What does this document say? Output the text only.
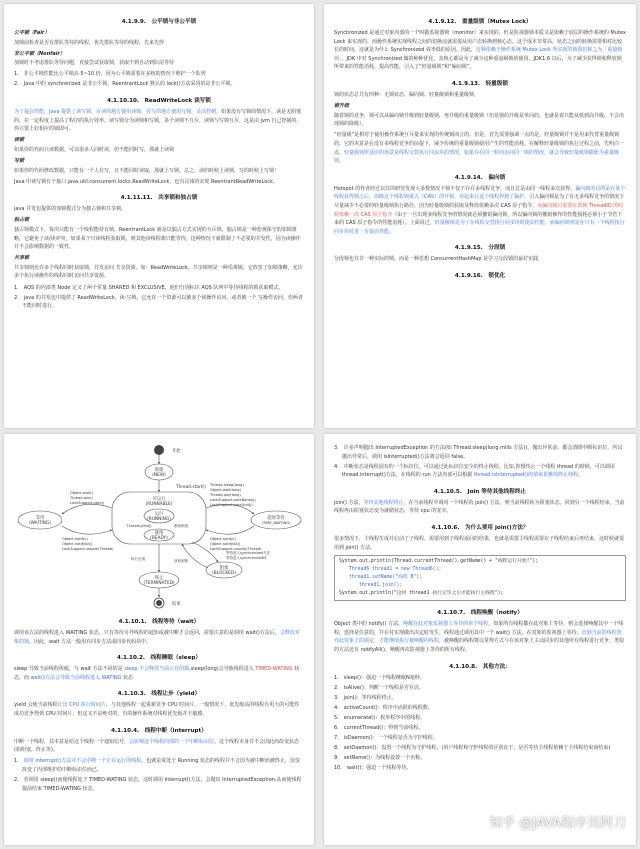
4.1.9.9.　公平锁与非公平锁
公平锁（Fair）

加锁前检查是否有排队等待的线程，优先排队等待的线程，先来先得

非公平锁（Nonfair）

加锁时不考虑排队等待问题，直接尝试获取锁，获取不到自动到队尾等待

1.　非公平锁性能比公平锁高 5~10 倍，因为公平锁需要在多核的情况下维护一个队列
2.　Java 中的 synchronized 是非公平锁，ReentrantLock 默认的 lock()方法采用的是非公平锁。
4.1.10.10.　ReadWriteLock 读写锁

为了提高性能，Java 提供了读写锁，在读的地方使用读锁，在写的地方使用写锁，灵活控制，如果没有写锁的情况下，读是无阻塞的，在一定程度上提高了程序的执行效率。读写锁分为读锁和写锁，多个读锁不互斥，读锁与写锁互斥，这是由 jvm 自己控制的，你只要上好相应的锁即可。

读锁

如果你的代码只读数据，可以很多人同时读，但不能同时写，那就上读锁

写锁

如果你的代码修改数据，只能有一个人在写，且不能同时读取，那就上写锁。总之，读的时候上读锁，写的时候上写锁！

Java 中读写锁有个接口 java.util.concurrent.locks.ReadWriteLock，也有具体的实现 ReentrantReadWriteLock。

4.1.11.11.　共享锁和独占锁

java 并发包提供的加锁模式分为独占锁和共享锁。

独占锁

独占锁模式下，每次只能有一个线程能持有锁，ReentrantLock 就是以独占方式实现的互斥锁。独占锁是一种悲观保守的加锁策略，它避免了读/读冲突，如果某个只读线程获取锁，则其他读线程都只能等待，这种情况下就限制了不必要的并发性，因为读操作并不会影响数据的一致性。

共享锁

共享锁则允许多个线程同时获取锁，并发访问 共享资源，如：ReadWriteLock。共享锁则是一种乐观锁，它放宽了加锁策略，允许多个执行读操作的线程同时访问共享资源。

1.　AQS 的内部类 Node 定义了两个常量 SHARED 和 EXCLUSIVE，他们分别标识 AQS 队列中等待线程的锁获取模式。
2.　java 的并发包中提供了 ReadWriteLock，读-写锁。它允许一个资源可以被多个读操作访问，或者被一个 写操作访问，但两者不能同时进行。
4.1.9.12.　重量级锁（Mutex Lock）

Synchronized 是通过对象内部的一个叫做监视器锁（monitor）来实现的。但是监视器锁本质又是依赖于底层的操作系统的 Mutex Lock 来实现的。而操作系统实现线程之间的切换这就需要从用户态转换到核心态，这个成本非常高，状态之间的转换需要相对比较长的时间，这就是为什么 Synchronized 效率低的原因。因此，这种依赖于操作系统 Mutex Lock 所实现的锁我们称之为「重量级锁」。JDK 中对 Synchronized 做的种种优化，其核心都是为了减少这种重量级锁的使用。JDK1.6 以后，为了减少获得锁和释放锁所带来的性能消耗，提高性能，引入了“轻量级锁”和“偏向锁”。

4.1.9.13.　轻量级锁

锁的状态总共有四种：无锁状态、偏向锁、轻量级锁和重量级锁。

锁升级

随着锁的竞争，锁可以从偏向锁升级到轻量级锁，再升级的重量级锁（但是锁的升级是单向的，也就是说只能从低到高升级，不会出现锁的降级）。

“轻量级”是相对于使用操作系统互斥量来实现的传统锁而言的。但是，首先需要强调一点的是，轻量级锁并不是用来代替重量级锁的，它的本意是在没有多线程竞争的前提下，减少传统的重量级锁使用产生的性能消耗。在解释轻量级锁的执行过程之前，先明白一点，轻量级锁所适应的场景是线程交替执行同步块的情况，如果存在同一时间访问同一锁的情况，就会导致轻量级锁膨胀为重量级锁。

4.1.9.14.　偏向锁

Hotspot 的作者经过以往的研究发现大多数情况下锁不仅不存在多线程竞争，而且总是由同一线程多次获得。偏向锁的目的是在某个线程获得锁之后，消除这个线程锁重入（CAS）的开销，看起来让这个线程得到了偏护。引入偏向锁是为了在无多线程竞争的情况下尽量减少不必要的轻量级锁执行路径，因为轻量级锁的获取及释放依赖多次 CAS 原子指令，而偏向锁只需要在置换 ThreadID 的时候依赖一次 CAS 原子指令（由于一旦出现多线程竞争的情况就必须撤销偏向锁，所以偏向锁的撤销操作的性能损耗必须小于节省下来的 CAS 原子指令的性能消耗）。上面说过，轻量级锁是为了在线程交替执行同步块时提高性能，而偏向锁则是在只有一个线程执行同步块时进一步提高性能。

4.1.9.15.　分段锁

分段锁也并非一种实际的锁，而是一种思想 ConcurrentHashMap 是学习分段锁的最好实践

4.1.9.16.　锁优化
开始
新建
(NEW)
Thread.start()
可运行
(RUNNABLE)
运行
(RUNNING)
就绪
(READY)
Thread.yield()	系统调度
等待
(WAITING)
Object.wait()
Thread.join()
LockSupport.park()
Object.notify()
Object.notifyAll()
LockSupport.unpark(Thread)
超时等待
(TIME_WAITING)
Thread.sleep(long)
Object.wait(long)
Thread.join(long)
LockSupport.parkNanos()
LockSupport.parkUntil()
Object.notify()
Object.notifyAll()
LockSupport.unpark(Thread)
阻塞
(BLOCKED)
等待进入synchronized方法
等待进入synchronized块
获取到锁
执行完成
终止
(TERMINATED)
结束
4.1.10.1.　线程等待（wait）

调用该方法的线程进入 WAITING 状态，只有等待另外线程的通知或被中断才会返回，需要注意的是调用 wait()方法后，会释放对象的锁。因此，wait 方法一般用在同步方法或同步代码块中。

4.1.10.2.　线程睡眠（sleep）

sleep 导致当前线程休眠，与 wait 方法不同的是 sleep 不会释放当前占有的锁,sleep(long)会导致线程进入 TIMED-WATING 状态，而 wait()方法会导致当前线程进入 WATING 状态

4.1.10.3.　线程让步（yield）

yield 会使当前线程让出 CPU 执行时间片，与其他线程一起重新竞争 CPU 时间片。一般情况下，优先级高的线程有更大的可能性成功竞争得到 CPU 时间片，但这又不是绝对的，有的操作系统对线程优先级并不敏感。

4.1.10.4.　线程中断（interrupt）

中断一个线程，其本意是给这个线程一个通知信号，会影响这个线程内部的一个中断标识位。这个线程本身并不会因此而改变状态(如阻塞，终止等)。

1.　调用 interrupt()方法并不会中断一个正在运行的线程。也就是说处于 Running 状态的线程并不会因为被中断而被终止，仅仅改变了内部维护的中断标识位而已。
2.　若调用 sleep()而使线程处于 TIMED-WATING 状态，这时调用 interrupt()方法，会抛出 InterruptedException,从而使线程提前结束 TIMED-WATING 状态。
3.　许多声明抛出 InterruptedException 的方法(如 Thread.sleep(long mills 方法))，抛出异常前，都会清除中断标识位，所以抛出异常后，调用 isInterrupted()方法将会返回 false。
4.　中断状态是线程固有的一个标识位，可以通过此标识位安全的终止线程。比如,你想终止一个线程 thread 的时候，可以调用 thread.interrupt()方法，在线程的 run 方法内部可以根据 thread.isInterrupted()的值来优雅的终止线程。
4.1.10.5.　Join 等待其他线程终止

join() 方法，等待其他线程终止，在当前线程中调用一个线程的 join() 方法，则当前线程转为阻塞状态，回到另一个线程结束，当前线程再由阻塞状态变为就绪状态，等待 cpu 的宠幸。

4.1.10.6.　为什么要用 join()方法？

很多情况下，主线程生成并启动了子线程，需要用到子线程返回的结果，也就是需要主线程需要在子线程结束后再结束，这时候就要用到 join() 方法。

System.out.println(Thread.currentThread().getName() + "线程运行开始!");
Thread6 thread1 = new Thread6();
thread1.setName("线程 B");
thread1.join();
System.out.println("这时 thread1 执行完毕之后才能执行主线程");
4.1.10.7.　线程唤醒（notify）

Object 类中的 notify() 方法，唤醒在此对象监视器上等待的单个线程，如果所有线程都在此对象上等待，则会选择唤醒其中一个线程，选择是任意的，并在对实现做出决定时发生，线程通过调用其中一个 wait() 方法，在对象的监视器上等待，直到当前的线程放弃此对象上的锁定，才能继续执行被唤醒的线程，被唤醒的线程将以常规方式与在该对象上主动同步的其他所有线程进行竞争。类似的方法还有 notifyAll()，唤醒再次监视器上等待的所有线程。

4.1.10.8.　其他方法：
1.　sleep()：强迫一个线程睡眠N毫秒。
2.　isAlive()：判断一个线程是否存活。
3.　join()：等待线程终止。
4.　activeCount()：程序中活跃的线程数。
5.　enumerate()：枚举程序中的线程。
6.　currentThread()：得到当前线程。
7.　isDaemon()：一个线程是否为守护线程。
8.　setDaemon()：设置一个线程为守护线程。(用户线程和守护线程的区别在于，是否等待主线程依赖于主线程结束而结束)
9.　setName()：为线程设置一个名称。
10.　wait()：强迫一个线程等待。
知乎 @JAVA程序员阿刀
